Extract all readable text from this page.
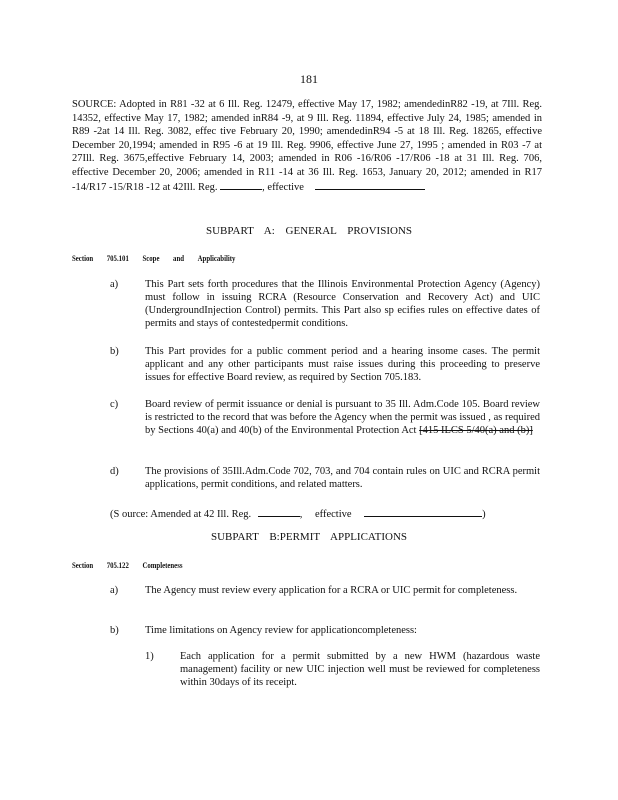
181
SOURCE: Adopted in R81 -32 at 6 Ill. Reg. 12479, effective May 17, 1982; amendedinR82 -19, at 7Ill. Reg. 14352, effective May 17, 1982; amended inR84 -9, at 9 Ill. Reg. 11894, effective July 24, 1985; amended in R89 -2at 14 Ill. Reg. 3082, effec tive February 20, 1990; amendedinR94 -5 at 18 Ill. Reg. 18265, effective December 20,1994; amended in R95 -6 at 19 Ill. Reg. 9906, effective June 27, 1995 ; amended in R03 -7 at 27Ill. Reg. 3675,effective February 14, 2003; amended in R06 -16/R06 -17/R06 -18 at 31 Ill. Reg. 706, effective December 20, 2006; amended in R11 -14 at 36 Ill. Reg. 1653, January 20, 2012; amended in R17 -14/R17 -15/R18 -12 at 42Ill. Reg.	, effective
SUBPART A: GENERAL PROVISIONS
Section 705.101 Scope and Applicability
a)	This Part sets forth procedures that the Illinois Environmental Protection Agency (Agency) must follow in issuing RCRA (Resource Conservation and Recovery Act) and UIC (UndergroundInjection Control) permits. This Part also sp ecifies rules on effective dates of permits and stays of contestedpermit conditions.
b)	This Part provides for a public comment period and a hearing insome cases. The permit applicant and any other participants must raise issues during this proceeding to preserve issues for effective Board review, as required by Section 705.183.
c)	Board review of permit issuance or denial is pursuant to 35 Ill. Adm.Code 105. Board review is restricted to the record that was before the Agency when the permit was issued , as required by Sections 40(a) and 40(b) of the Environmental Protection Act [415 ILCS 5/40(a) and (b)]
d)	The provisions of 35Ill.Adm.Code 702, 703, and 704 contain rules on UIC and RCRA permit applications, permit conditions, and related matters.
(S ource: Amended at 42 Ill. Reg.	, effective	)
SUBPART B:PERMIT APPLICATIONS
Section 705.122 Completeness
a)	The Agency must review every application for a RCRA or UIC permit for completeness.
b)	Time limitations on Agency review for applicationcompleteness:
1)	Each application for a permit submitted by a new HWM (hazardous waste management) facility or new UIC injection well must be reviewed for completeness within 30days of its receipt.
